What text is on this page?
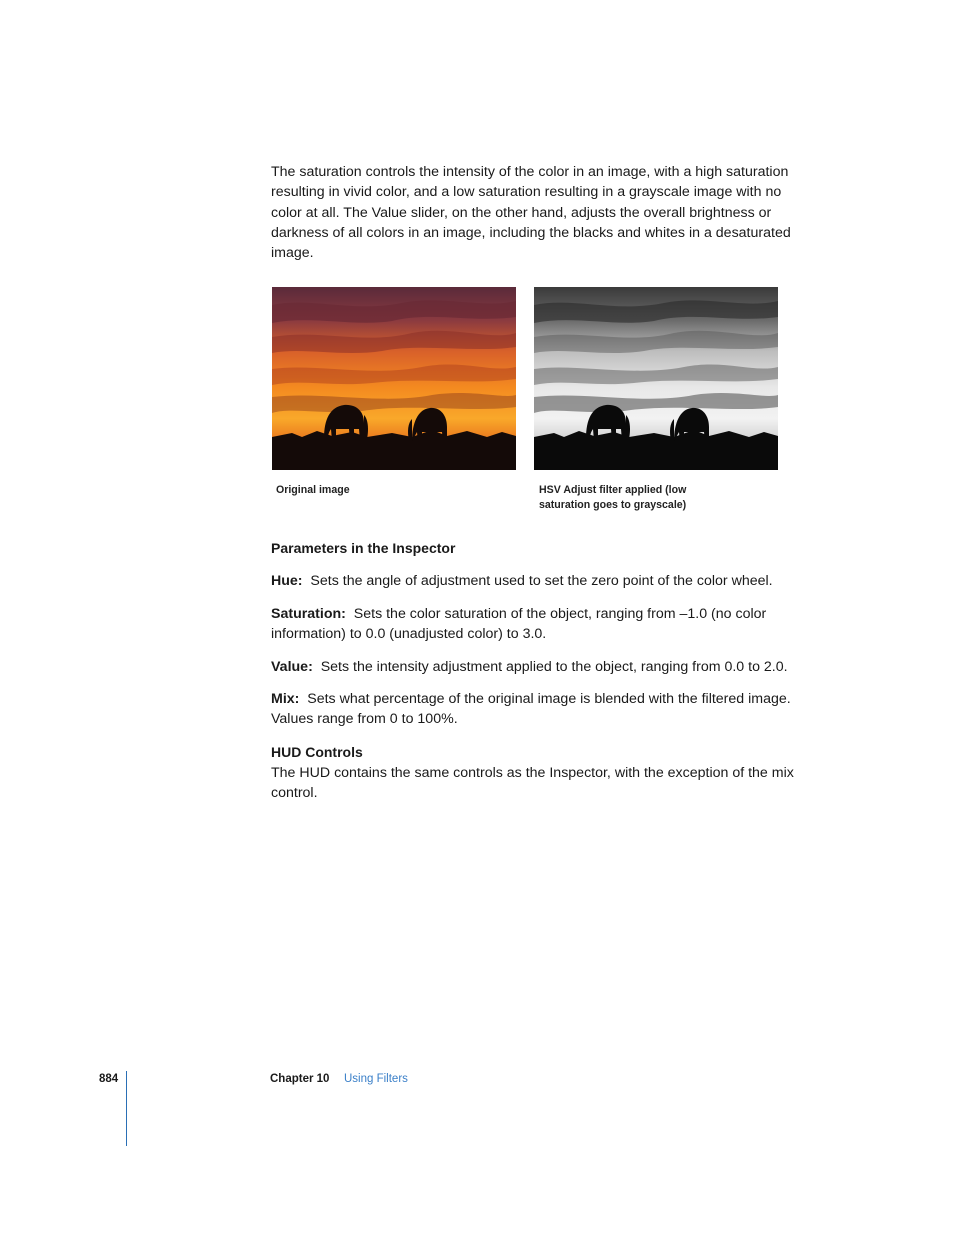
The saturation controls the intensity of the color in an image, with a high saturation resulting in vivid color, and a low saturation resulting in a grayscale image with no color at all. The Value slider, on the other hand, adjusts the overall brightness or darkness of all colors in an image, including the blacks and whites in a desaturated image.

Original image	HSV Adjust filter applied (low
saturation goes to grayscale)

Parameters in the Inspector

Hue: Sets the angle of adjustment used to set the zero point of the color wheel.

Saturation: Sets the color saturation of the object, ranging from –1.0 (no color information) to 0.0 (unadjusted color) to 3.0.

Value: Sets the intensity adjustment applied to the object, ranging from 0.0 to 2.0.

Mix: Sets what percentage of the original image is blended with the filtered image. Values range from 0 to 100%.

HUD Controls

The HUD contains the same controls as the Inspector, with the exception of the mix control.

884	Chapter 10 Using Filters
